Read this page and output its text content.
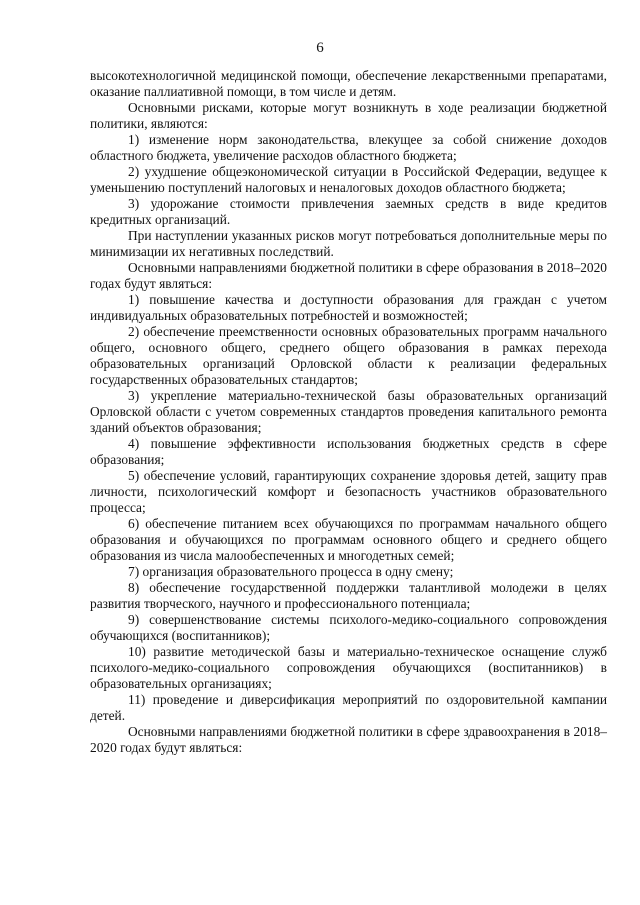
6

высокотехнологичной медицинской помощи, обеспечение лекарственными препаратами, оказание паллиативной помощи, в том числе и детям.

Основными рисками, которые могут возникнуть в ходе реализации бюджетной политики, являются:

1) изменение норм законодательства, влекущее за собой снижение доходов областного бюджета, увеличение расходов областного бюджета;

2) ухудшение общеэкономической ситуации в Российской Федерации, ведущее к уменьшению поступлений налоговых и неналоговых доходов областного бюджета;

3) удорожание стоимости привлечения заемных средств в виде кредитов кредитных организаций.

При наступлении указанных рисков могут потребоваться дополнительные меры по минимизации их негативных последствий.

Основными направлениями бюджетной политики в сфере образования в 2018–2020 годах будут являться:

1) повышение качества и доступности образования для граждан с учетом индивидуальных образовательных потребностей и возможностей;

2) обеспечение преемственности основных образовательных программ начального общего, основного общего, среднего общего образования в рамках перехода образовательных организаций Орловской области к реализации федеральных государственных образовательных стандартов;

3) укрепление материально-технической базы образовательных организаций Орловской области с учетом современных стандартов проведения капитального ремонта зданий объектов образования;

4) повышение эффективности использования бюджетных средств в сфере образования;

5) обеспечение условий, гарантирующих сохранение здоровья детей, защиту прав личности, психологический комфорт и безопасность участников образовательного процесса;

6) обеспечение питанием всех обучающихся по программам начального общего образования и обучающихся по программам основного общего и среднего общего образования из числа малообеспеченных и многодетных семей;

7) организация образовательного процесса в одну смену;

8) обеспечение государственной поддержки талантливой молодежи в целях развития творческого, научного и профессионального потенциала;

9) совершенствование системы психолого-медико-социального сопровождения обучающихся (воспитанников);

10) развитие методической базы и материально-техническое оснащение служб психолого-медико-социального сопровождения обучающихся (воспитанников) в образовательных организациях;

11) проведение и диверсификация мероприятий по оздоровительной кампании детей.

Основными направлениями бюджетной политики в сфере здравоохранения в 2018–2020 годах будут являться:
